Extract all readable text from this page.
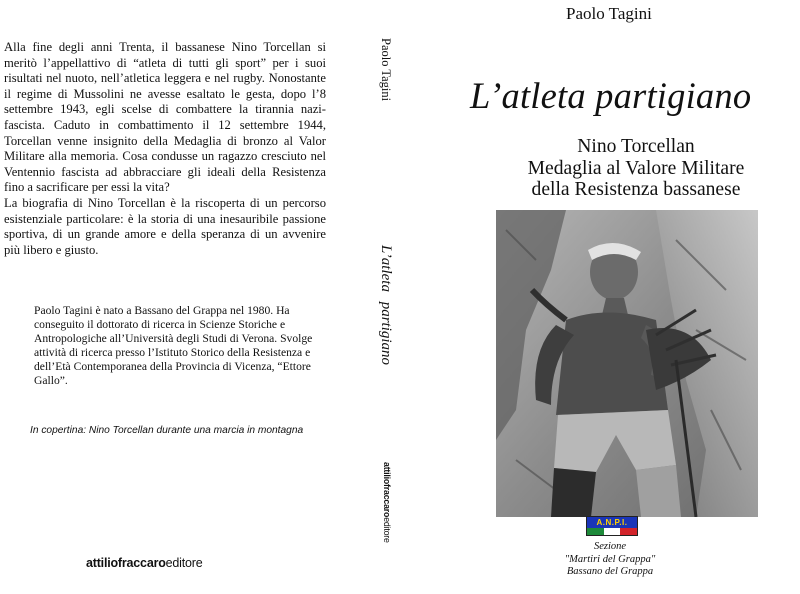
Alla fine degli anni Trenta, il bassanese Nino Torcellan si meritò l’appellattivo di “atleta di tutti gli sport” per i suoi risultati nel nuoto, nell’atletica leggera e nel rugby. Nonostante il regime di Mussolini ne avesse esaltato le gesta, dopo l’8 settembre 1943, egli scelse di combattere la tirannia nazi-fascista. Caduto in combattimento il 12 settembre 1944, Torcellan venne insignito della Medaglia di bronzo al Valor Militare alla memoria. Cosa condusse un ragazzo cresciuto nel Ventennio fascista ad abbracciare gli ideali della Resistenza fino a sacrificare per essi la vita?

La biografia di Nino Torcellan è la riscoperta di un percorso esistenziale particolare: è la storia di una inesauribile passione sportiva, di un grande amore e della speranza di un avvenire più libero e giusto.

Paolo Tagini è nato a Bassano del Grappa nel 1980. Ha conseguito il dottorato di ricerca in Scienze Storiche e Antropologiche all’Università degli Studi di Verona. Svolge attività di ricerca presso l’Istituto Storico della Resistenza e dell’Età Contemporanea della Provincia di Vicenza, “Ettore Gallo”.
In copertina: Nino Torcellan durante una marcia in montagna
attiliofraccaroeditore
Paolo Tagini
L’atleta partigiano
attiliofraccaroeditore
Paolo Tagini
L’atleta partigiano
Nino Torcellan
Medaglia al Valore Militare
della Resistenza bassanese
A.N.P.I.
Sezione
"Martiri del Grappa"
Bassano del Grappa
